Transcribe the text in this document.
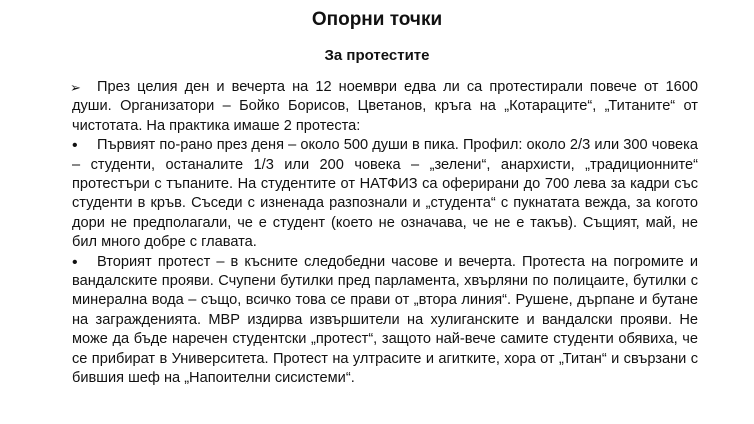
Опорни точки
За протестите

➢ През целия ден и вечерта на 12 ноември едва ли са протестирали повече от 1600 души. Организатори – Бойко Борисов, Цветанов, кръга на „Котараците“, „Титаните“ от чистотата. На практика имаше 2 протеста:

• Първият по-рано през деня – около 500 души в пика. Профил: около 2/3 или 300 човека – студенти, останалите 1/3 или 200 човека – „зелени“, анархисти, „традиционните“ протестъри с тъпаните. На студентите от НАТФИЗ са оферирани до 700 лева за кадри със студенти в кръв. Съседи с изненада разпознали и „студента“ с пукнатата вежда, за когото дори не предполагали, че е студент (което не означава, че не е такъв). Същият, май, не бил много добре с главата.

• Вторият протест – в късните следобедни часове и вечерта. Протеста на погромите и вандалските прояви. Счупени бутилки пред парламента, хвърляни по полицаите, бутилки с минерална вода – също, всичко това се прави от „втора линия“. Рушене, дърпане и бутане на загражденията. МВР издирва извършители на хулиганските и вандалски прояви. Не може да бъде наречен студентски „протест“, защото най-вече самите студенти обявиха, че се прибират в Университета. Протест на ултрасите и агитките, хора от „Титан“ и свързани с бившия шеф на „Напоителни сисистеми“.
